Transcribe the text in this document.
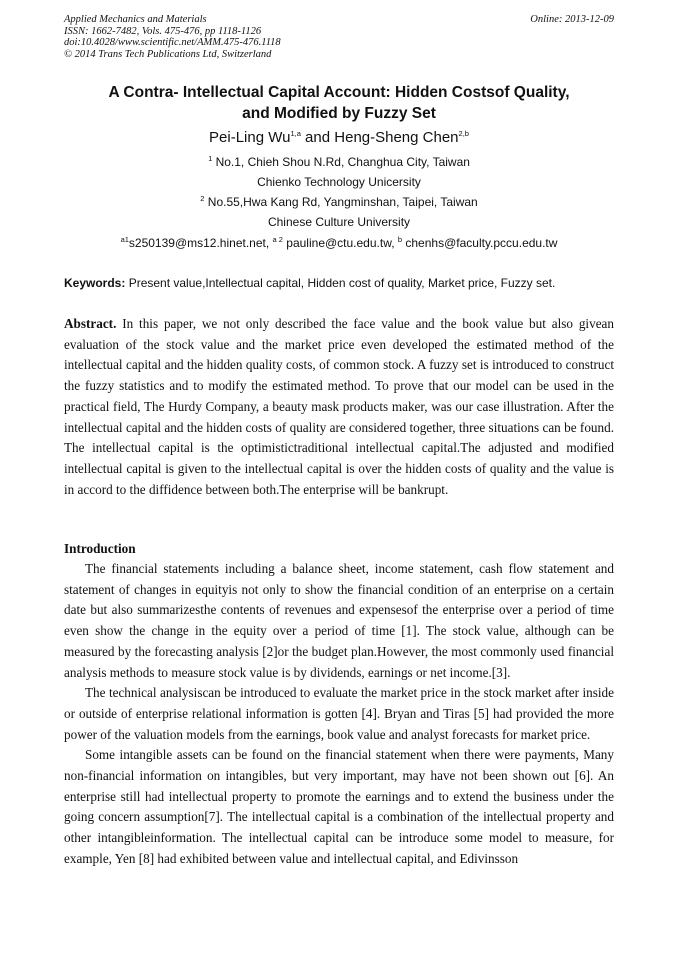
Applied Mechanics and Materials
ISSN: 1662-7482, Vols. 475-476, pp 1118-1126
doi:10.4028/www.scientific.net/AMM.475-476.1118
© 2014 Trans Tech Publications Ltd, Switzerland
Online: 2013-12-09
A Contra- Intellectual Capital Account: Hidden Costsof Quality,
and Modified by Fuzzy Set
Pei-Ling Wu$^{1,a}$ and Heng-Sheng Chen$^{2,b}$
$^1$ No.1, Chieh Shou N.Rd, Changhua City, Taiwan
Chienko Technology Unicersity
$^2$ No.55,Hwa Kang Rd, Yangminshan, Taipei, Taiwan
Chinese Culture University
$^{a1}$s250139@ms12.hinet.net, $^{a 2}$ pauline@ctu.edu.tw, $^b$ chenhs@faculty.pccu.edu.tw
Keywords: Present value,Intellectual capital, Hidden cost of quality, Market price, Fuzzy set.

Abstract. In this paper, we not only described the face value and the book value but also givean evaluation of the stock value and the market price even developed the estimated method of the intellectual capital and the hidden quality costs, of common stock. A fuzzy set is introduced to construct the fuzzy statistics and to modify the estimated method. To prove that our model can be used in the practical field, The Hurdy Company, a beauty mask products maker, was our case illustration. After the intellectual capital and the hidden costs of quality are considered together, three situations can be found. The intellectual capital is the optimistictraditional intellectual capital.The adjusted and modified intellectual capital is given to the intellectual capital is over the hidden costs of quality and the value is in accord to the diffidence between both.The enterprise will be bankrupt.

Introduction

The financial statements including a balance sheet, income statement, cash flow statement and statement of changes in equityis not only to show the financial condition of an enterprise on a certain date but also summarizesthe contents of revenues and expensesof the enterprise over a period of time even show the change in the equity over a period of time [1]. The stock value, although can be measured by the forecasting analysis [2]or the budget plan.However, the most commonly used financial analysis methods to measure stock value is by dividends, earnings or net income.[3].

The technical analysiscan be introduced to evaluate the market price in the stock market after inside or outside of enterprise relational information is gotten [4]. Bryan and Tiras [5] had provided the more power of the valuation models from the earnings, book value and analyst forecasts for market price.

Some intangible assets can be found on the financial statement when there were payments, Many non-financial information on intangibles, but very important, may have not been shown out [6]. An enterprise still had intellectual property to promote the earnings and to extend the business under the going concern assumption[7]. The intellectual capital is a combination of the intellectual property and other intangibleinformation. The intellectual capital can be introduce some model to measure, for example, Yen [8] had exhibited between value and intellectual capital, and Edivinsson
